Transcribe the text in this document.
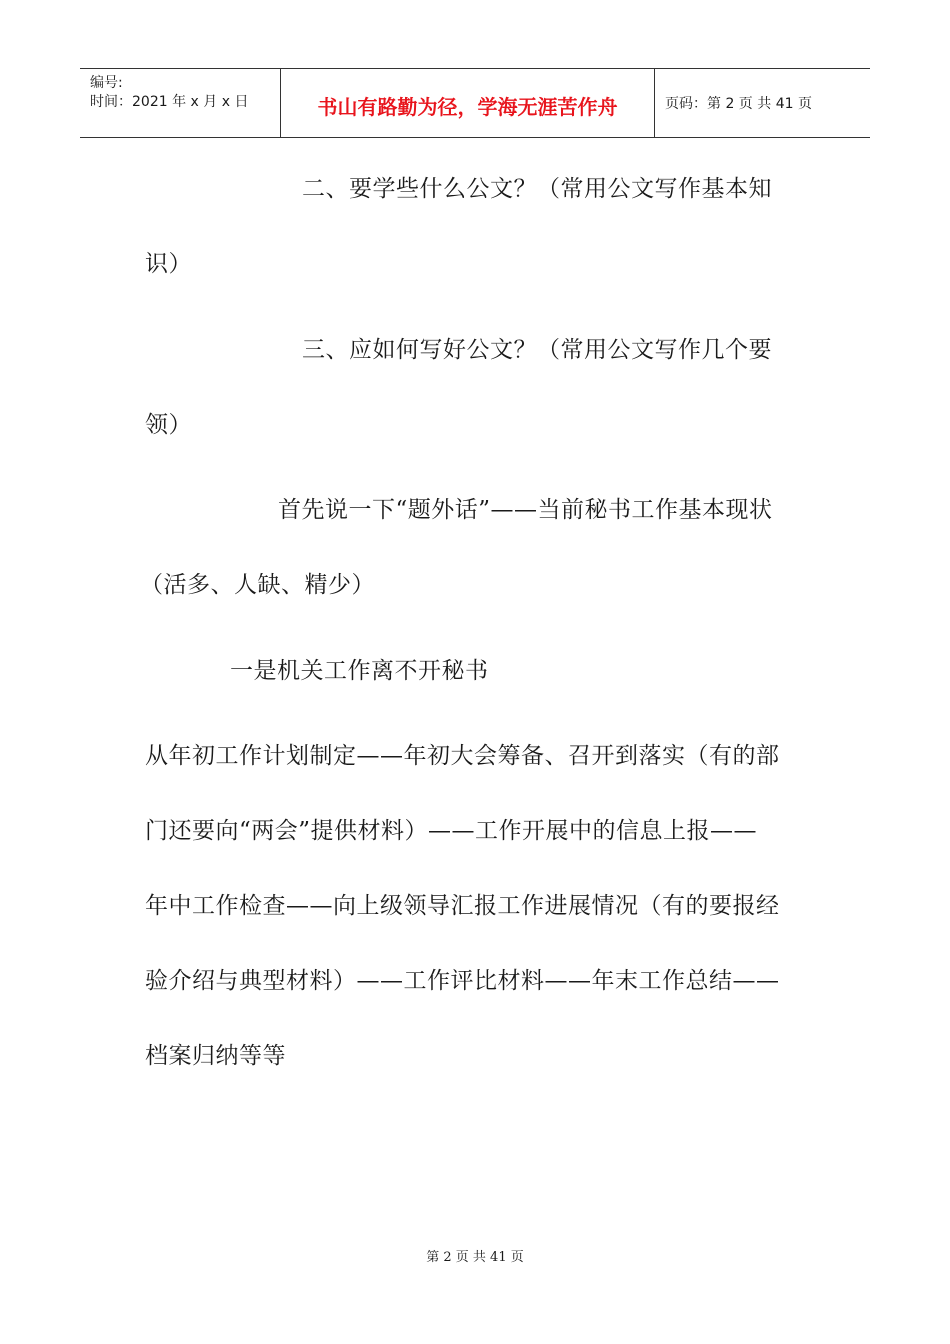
编号:
时间：2021 年 x 月 x 日	书山有路勤为径，学海无涯苦作舟	页码：第 2 页 共 41 页
二、要学些什么公文？（常用公文写作基本知
识）
三、应如何写好公文？（常用公文写作几个要
领）
首先说一下“题外话”——当前秘书工作基本现状
（活多、人缺、精少）
一是机关工作离不开秘书
从年初工作计划制定——年初大会筹备、召开到落实（有的部
门还要向“两会”提供材料）——工作开展中的信息上报——
年中工作检查——向上级领导汇报工作进展情况（有的要报经
验介绍与典型材料）——工作评比材料——年末工作总结——
档案归纳等等
第 2 页 共 41 页
